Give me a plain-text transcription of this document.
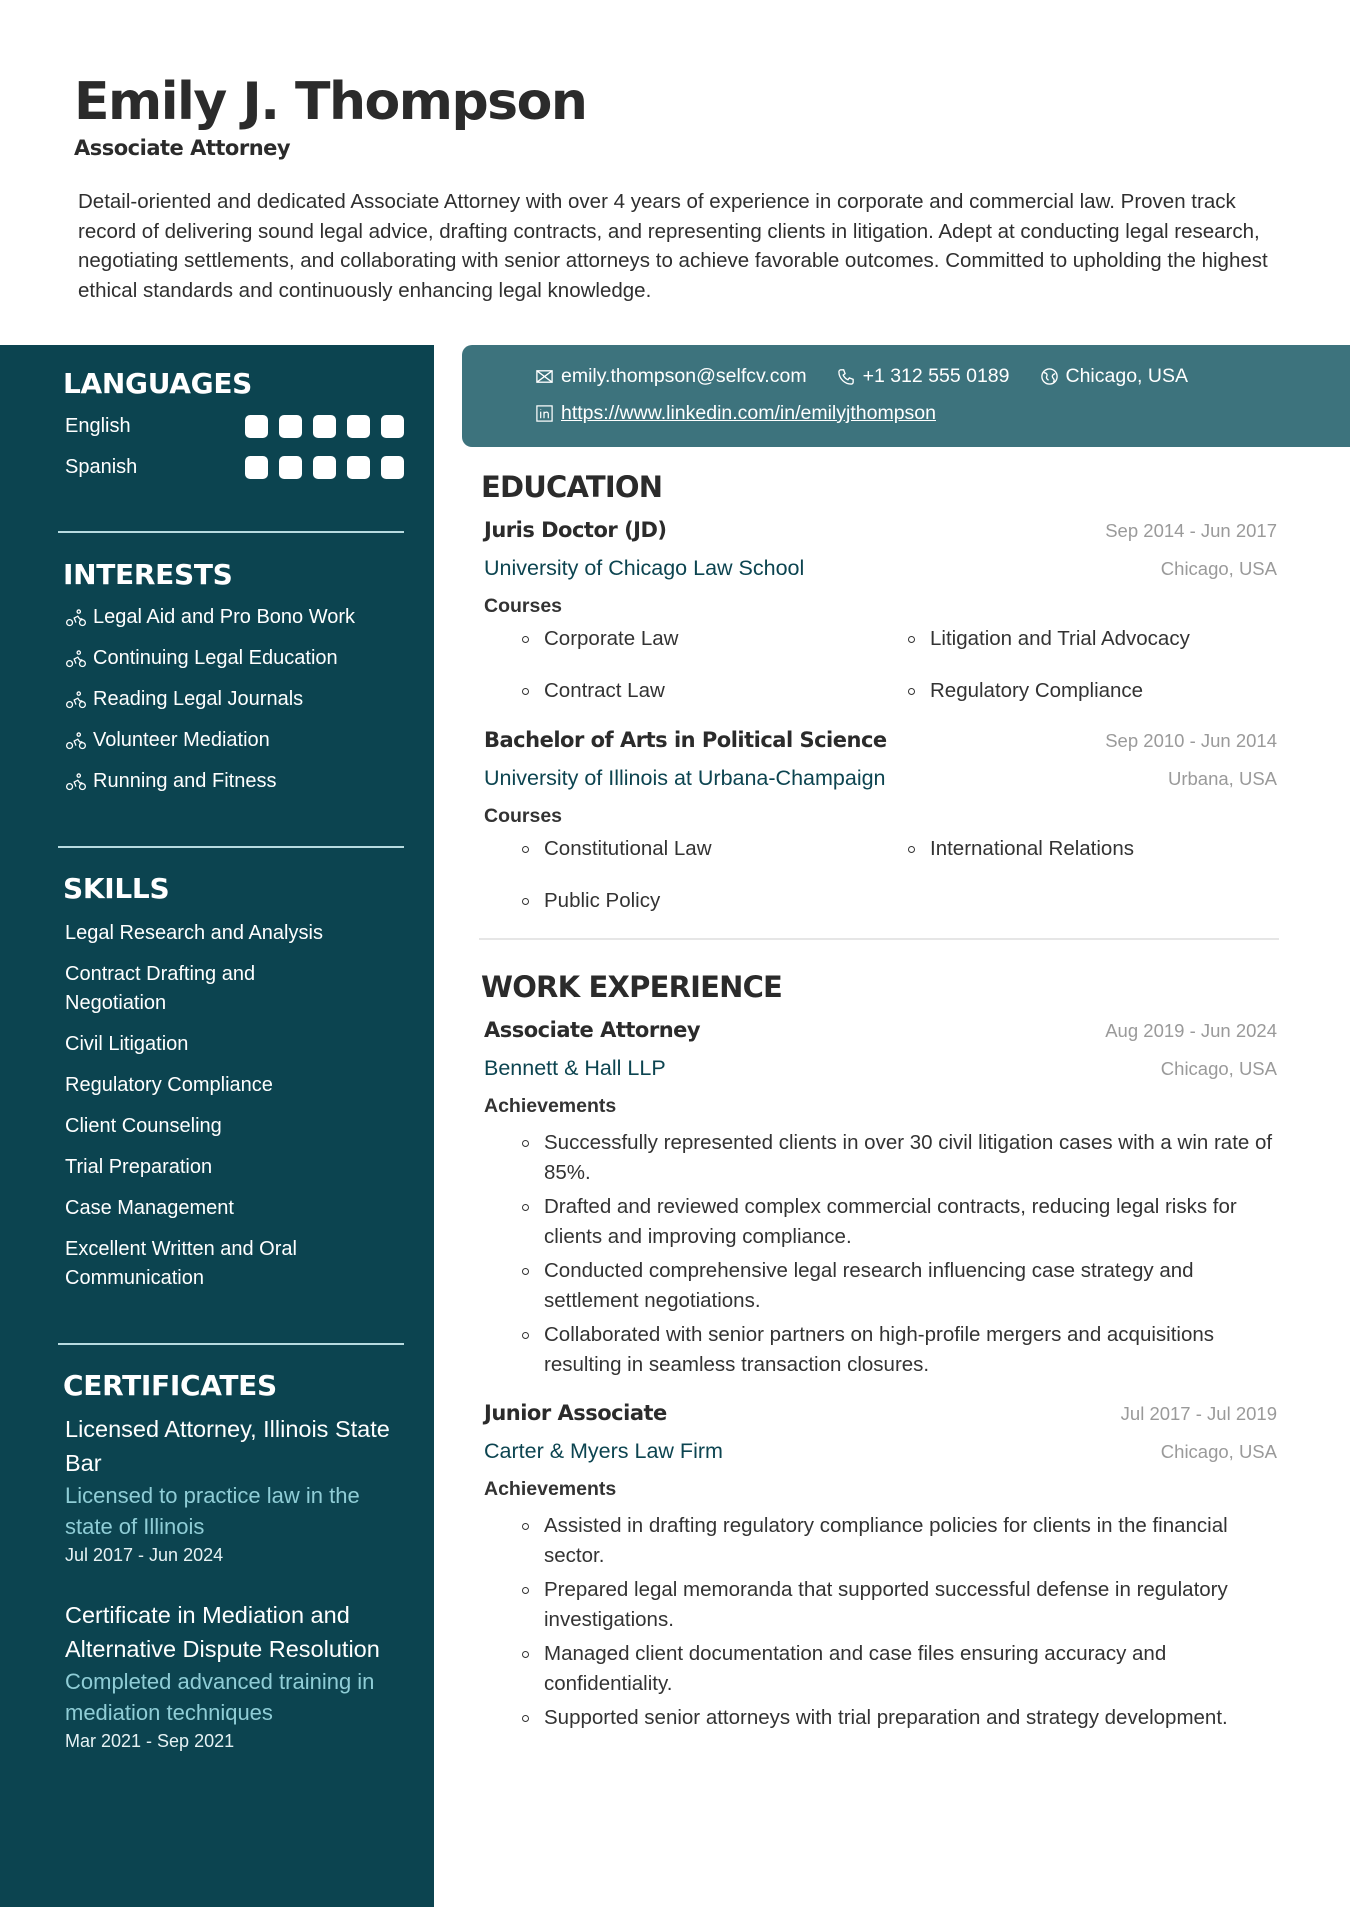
Emily J. Thompson
Associate Attorney
Detail-oriented and dedicated Associate Attorney with over 4 years of experience in corporate and commercial law. Proven track record of delivering sound legal advice, drafting contracts, and representing clients in litigation. Adept at conducting legal research, negotiating settlements, and collaborating with senior attorneys to achieve favorable outcomes. Committed to upholding the highest ethical standards and continuously enhancing legal knowledge.
LANGUAGES
English
Spanish
INTERESTS
Legal Aid and Pro Bono Work
Continuing Legal Education
Reading Legal Journals
Volunteer Mediation
Running and Fitness
SKILLS
Legal Research and Analysis
Contract Drafting and Negotiation
Civil Litigation
Regulatory Compliance
Client Counseling
Trial Preparation
Case Management
Excellent Written and Oral Communication
CERTIFICATES
Licensed Attorney, Illinois State Bar
Licensed to practice law in the state of Illinois
Jul 2017 - Jun 2024
Certificate in Mediation and Alternative Dispute Resolution
Completed advanced training in mediation techniques
Mar 2021 - Sep 2021
emily.thompson@selfcv.com	+1 312 555 0189	Chicago, USA
https://www.linkedin.com/in/emilyjthompson
EDUCATION
Juris Doctor (JD)	Sep 2014 - Jun 2017
University of Chicago Law School	Chicago, USA
Courses
Corporate Law	Litigation and Trial Advocacy
Contract Law	Regulatory Compliance
Bachelor of Arts in Political Science	Sep 2010 - Jun 2014
University of Illinois at Urbana-Champaign	Urbana, USA
Courses
Constitutional Law	International Relations
Public Policy
WORK EXPERIENCE
Associate Attorney	Aug 2019 - Jun 2024
Bennett & Hall LLP	Chicago, USA
Achievements
Successfully represented clients in over 30 civil litigation cases with a win rate of 85%.
Drafted and reviewed complex commercial contracts, reducing legal risks for clients and improving compliance.
Conducted comprehensive legal research influencing case strategy and settlement negotiations.
Collaborated with senior partners on high-profile mergers and acquisitions resulting in seamless transaction closures.
Junior Associate	Jul 2017 - Jul 2019
Carter & Myers Law Firm	Chicago, USA
Achievements
Assisted in drafting regulatory compliance policies for clients in the financial sector.
Prepared legal memoranda that supported successful defense in regulatory investigations.
Managed client documentation and case files ensuring accuracy and confidentiality.
Supported senior attorneys with trial preparation and strategy development.
